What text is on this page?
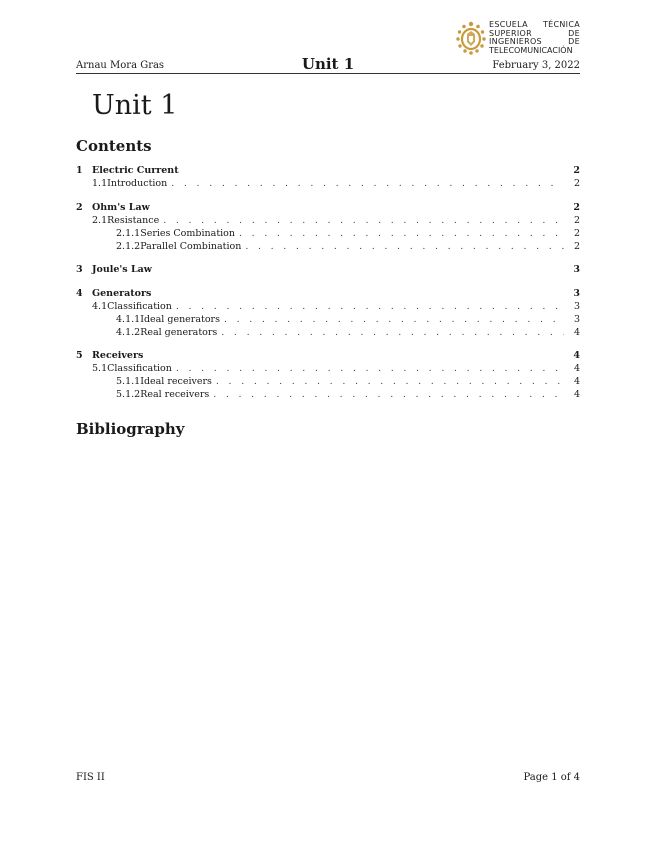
ESCUELA TÉCNICA
SUPERIOR DE
INGENIEROS DE
TELECOMUNICACIÓN
Arnau Mora Gras	Unit 1	February 3, 2022
Unit 1
Contents
1 Electric Current	2
1.1 Introduction . . .	2
2 Ohm's Law	2
2.1 Resistance . . .	2
2.1.1 Series Combination . . .	2
2.1.2 Parallel Combination . . .	2
3 Joule's Law	3
4 Generators	3
4.1 Classification . . .	3
4.1.1 Ideal generators . . .	3
4.1.2 Real generators . . .	4
5 Receivers	4
5.1 Classification . . .	4
5.1.1 Ideal receivers . . .	4
5.1.2 Real receivers . . .	4
Bibliography
FIS II	Page 1 of 4
